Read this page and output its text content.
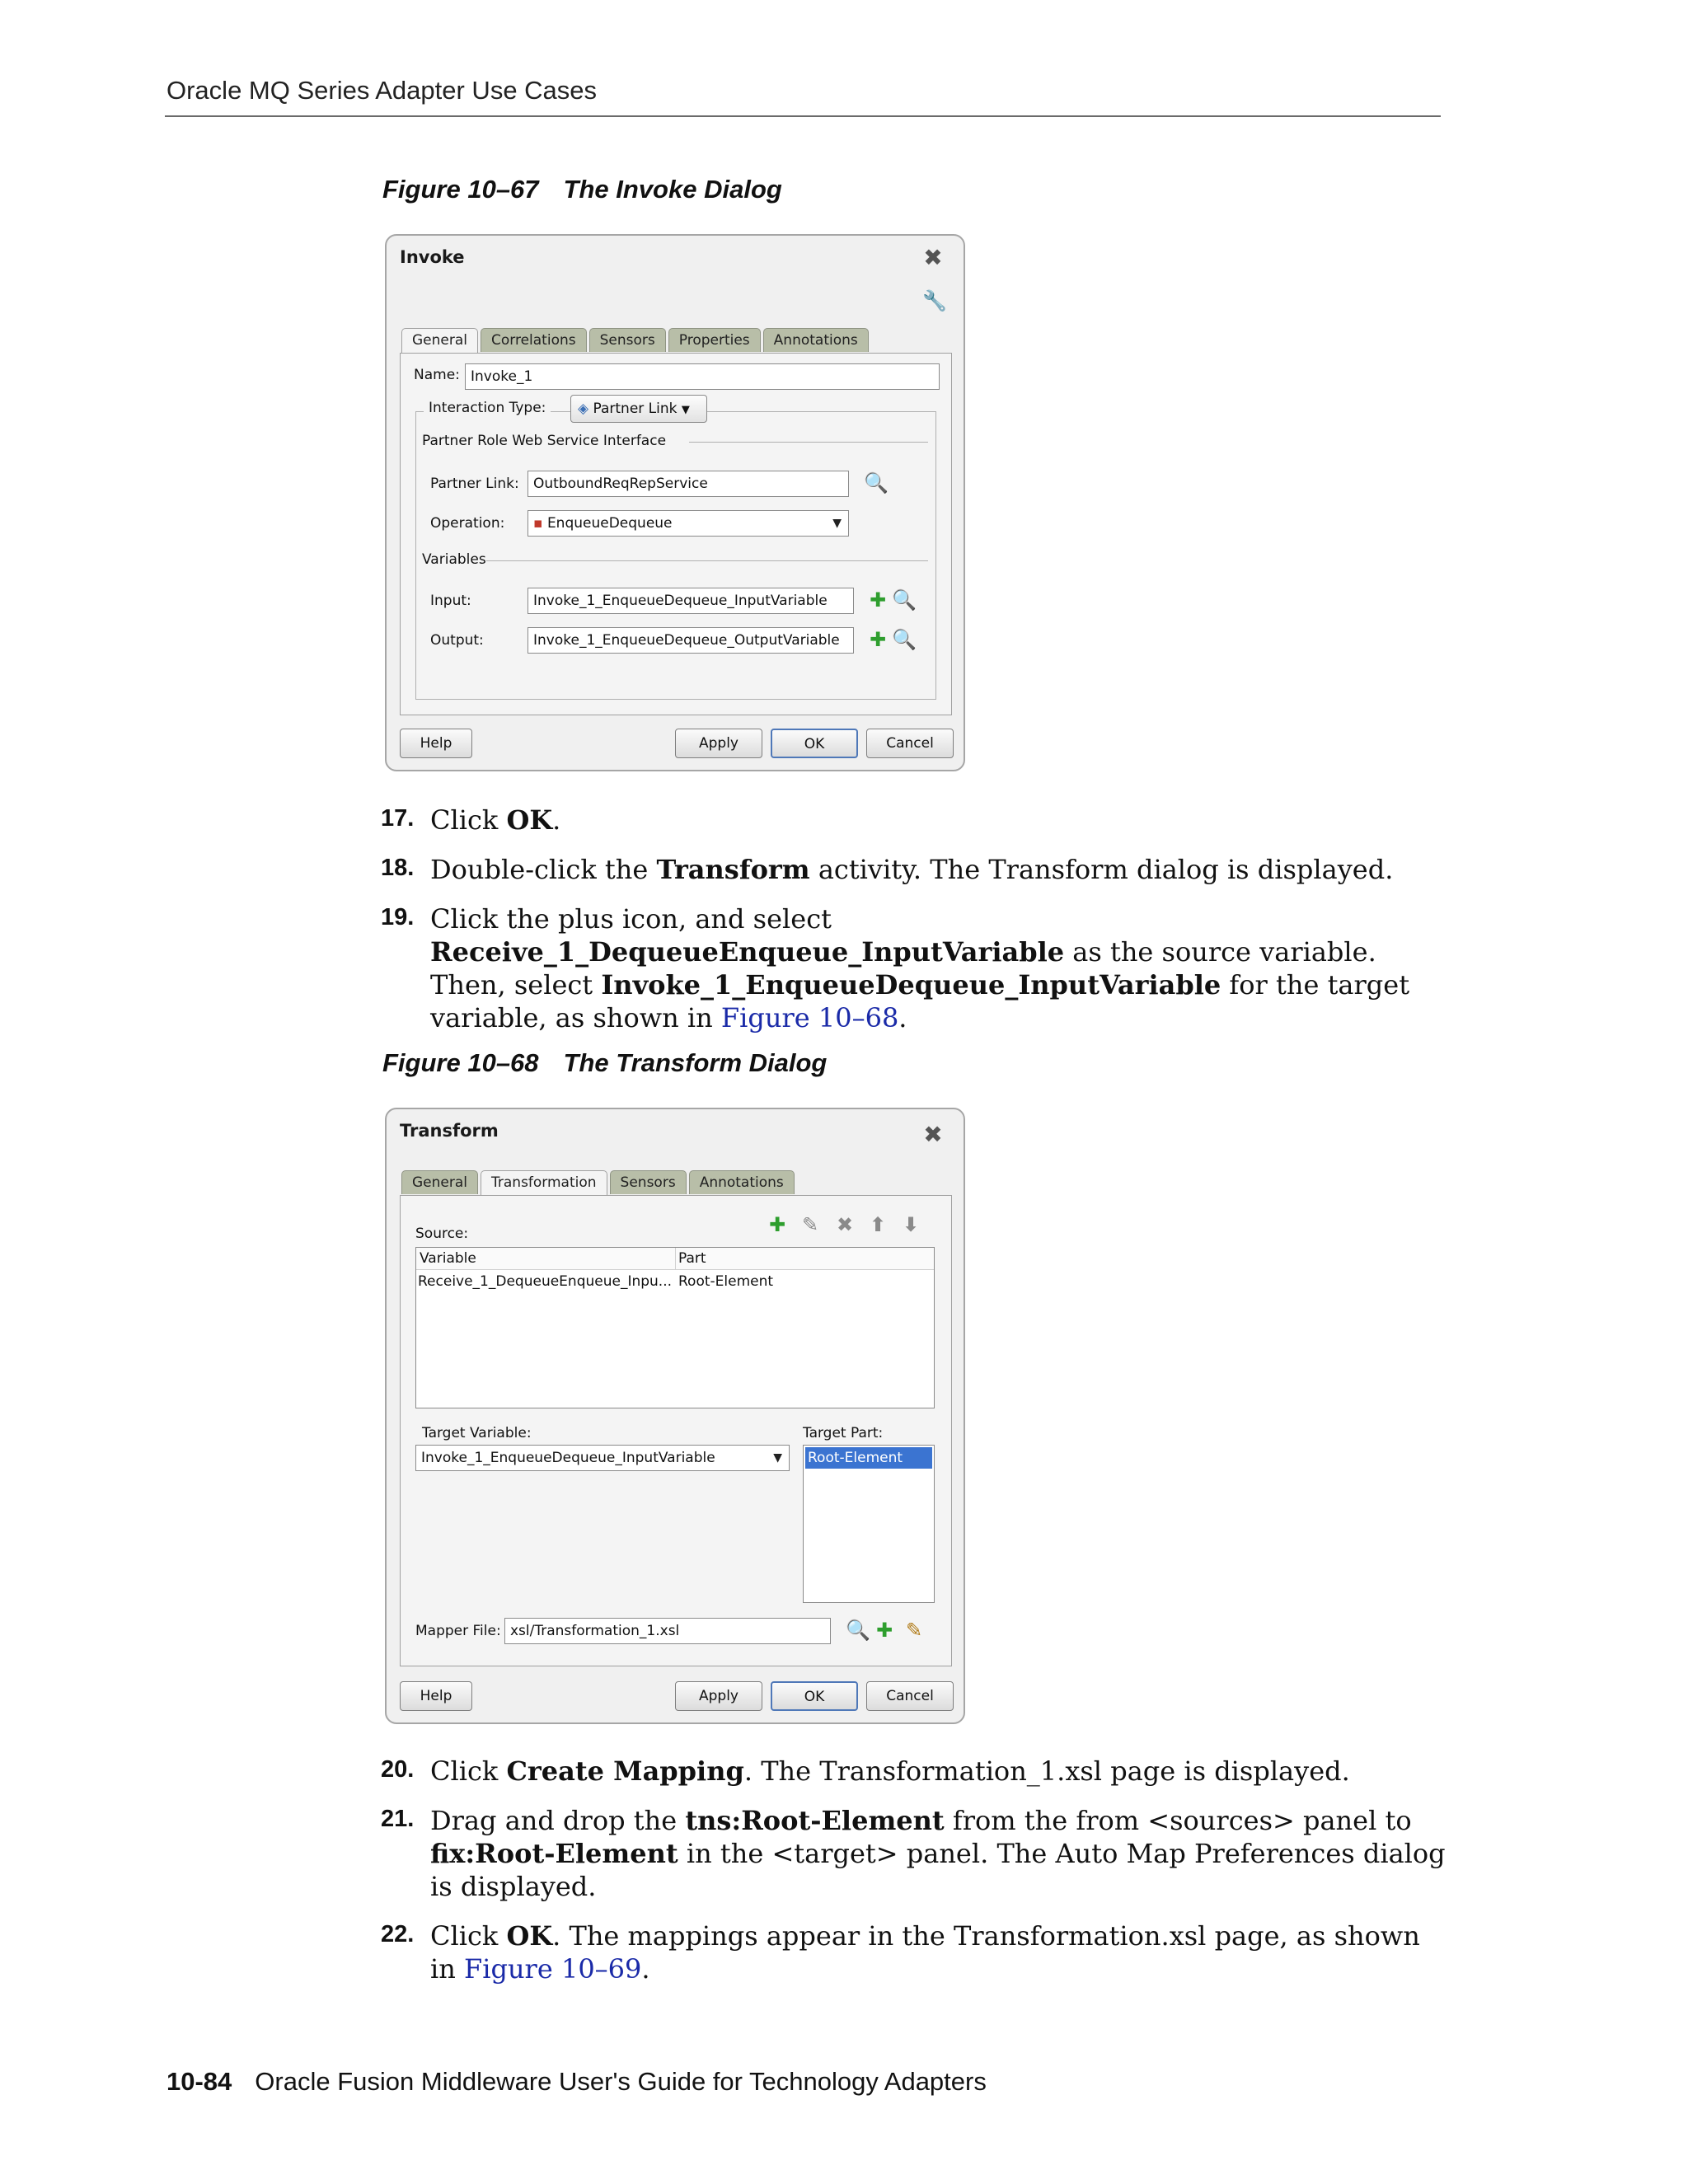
Oracle MQ Series Adapter Use Cases
Figure 10–67 The Invoke Dialog
Invoke	✖
🔧
General	Correlations	Sensors	Properties	Annotations
Name: Invoke_1
Interaction Type:	◈ Partner Link ▼
Partner Role Web Service Interface
Partner Link:	OutboundReqRepService	🔍
Operation:	▪ EnqueueDequeue	▼
Variables
Input:	Invoke_1_EnqueueDequeue_InputVariable	✚ 🔍
Output:	Invoke_1_EnqueueDequeue_OutputVariable	✚ 🔍
Help	Apply	OK	Cancel
17. Click OK.
18. Double-click the Transform activity. The Transform dialog is displayed.
19. Click the plus icon, and select Receive_1_DequeueEnqueue_InputVariable as the source variable. Then, select Invoke_1_EnqueueDequeue_InputVariable for the target variable, as shown in Figure 10–68.
Figure 10–68 The Transform Dialog
Transform	✖
General	Transformation	Sensors	Annotations
Source:	✚ ✎ ✖ ⬆ ⬇
Variable	Part
Receive_1_DequeueEnqueue_Inpu... Root-Element
Target Variable:
Invoke_1_EnqueueDequeue_InputVariable	▼
Target Part:
Root-Element
Mapper File: xsl/Transformation_1.xsl	🔍 ✚ ✎
Help	Apply	OK	Cancel
20. Click Create Mapping. The Transformation_1.xsl page is displayed.
21. Drag and drop the tns:Root-Element from the from <sources> panel to fix:Root-Element in the <target> panel. The Auto Map Preferences dialog is displayed.
22. Click OK. The mappings appear in the Transformation.xsl page, as shown in Figure 10–69.
10-84 Oracle Fusion Middleware User's Guide for Technology Adapters
